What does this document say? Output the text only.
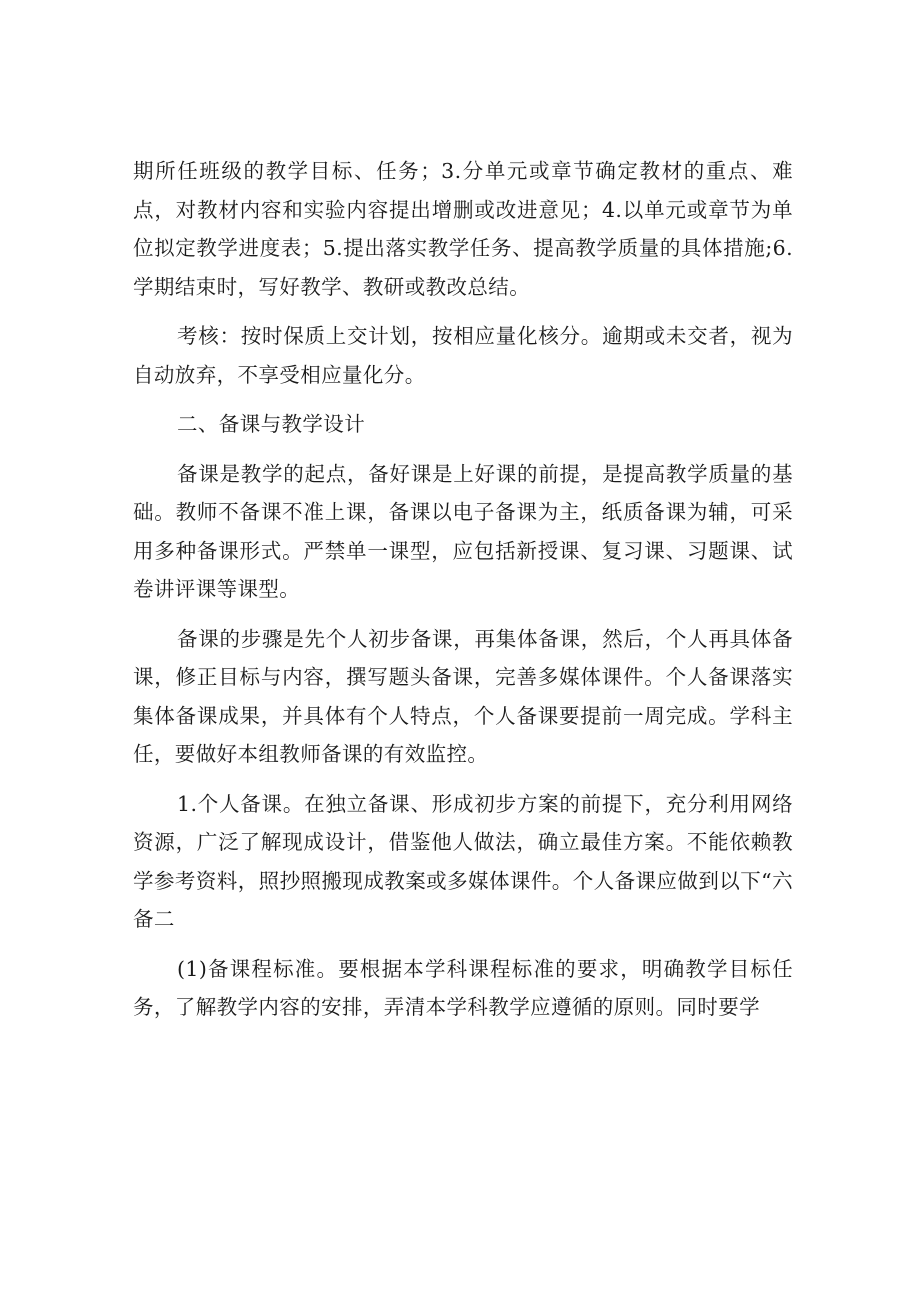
期所任班级的教学目标、任务；3.分单元或章节确定教材的重点、难点，对教材内容和实验内容提出增删或改进意见；4.以单元或章节为单位拟定教学进度表；5.提出落实教学任务、提高教学质量的具体措施;6.学期结束时，写好教学、教研或教改总结。

考核：按时保质上交计划，按相应量化核分。逾期或未交者，视为自动放弃，不享受相应量化分。

二、备课与教学设计

备课是教学的起点，备好课是上好课的前提，是提高教学质量的基础。教师不备课不准上课，备课以电子备课为主，纸质备课为辅，可采用多种备课形式。严禁单一课型，应包括新授课、复习课、习题课、试卷讲评课等课型。

备课的步骤是先个人初步备课，再集体备课，然后，个人再具体备课，修正目标与内容，撰写题头备课，完善多媒体课件。个人备课落实集体备课成果，并具体有个人特点，个人备课要提前一周完成。学科主任，要做好本组教师备课的有效监控。

1.个人备课。在独立备课、形成初步方案的前提下，充分利用网络资源，广泛了解现成设计，借鉴他人做法，确立最佳方案。不能依赖教学参考资料，照抄照搬现成教案或多媒体课件。个人备课应做到以下“六备二

(1)备课程标准。要根据本学科课程标准的要求，明确教学目标任务，了解教学内容的安排，弄清本学科教学应遵循的原则。同时要学
